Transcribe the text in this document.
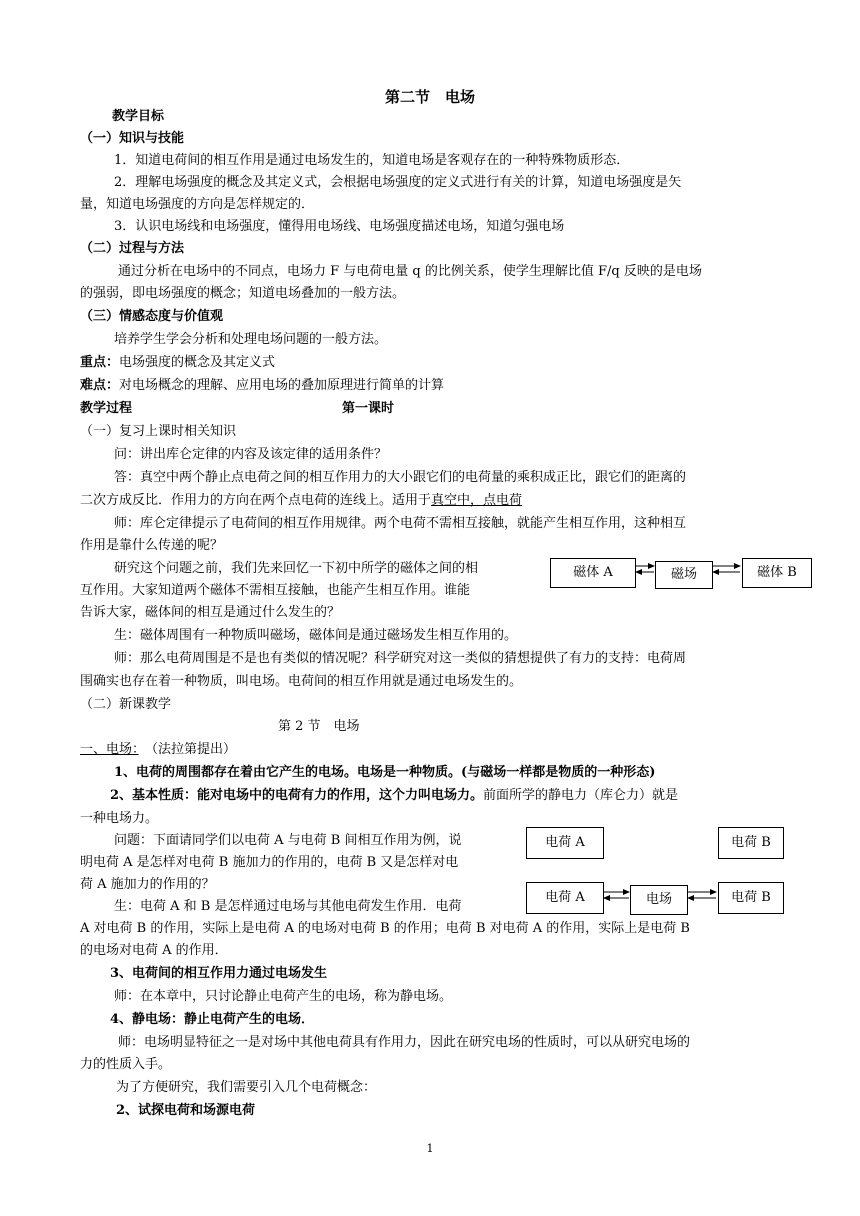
第二节　电场
教学目标
（一）知识与技能
1．知道电荷间的相互作用是通过电场发生的，知道电场是客观存在的一种特殊物质形态．
2．理解电场强度的概念及其定义式，会根据电场强度的定义式进行有关的计算，知道电场强度是矢
量，知道电场强度的方向是怎样规定的．
3．认识电场线和电场强度，懂得用电场线、电场强度描述电场，知道匀强电场
（二）过程与方法
通过分析在电场中的不同点，电场力 F 与电荷电量 q 的比例关系，使学生理解比值 F/q 反映的是电场
的强弱，即电场强度的概念；知道电场叠加的一般方法。
（三）情感态度与价值观
培养学生学会分析和处理电场问题的一般方法。
重点：电场强度的概念及其定义式
难点：对电场概念的理解、应用电场的叠加原理进行简单的计算
教学过程	第一课时
（一）复习上课时相关知识
问：讲出库仑定律的内容及该定律的适用条件？
答：真空中两个静止点电荷之间的相互作用力的大小跟它们的电荷量的乘积成正比，跟它们的距离的
二次方成反比．作用力的方向在两个点电荷的连线上。适用于真空中，点电荷
师：库仑定律提示了电荷间的相互作用规律。两个电荷不需相互接触，就能产生相互作用，这种相互
作用是靠什么传递的呢？
研究这个问题之前，我们先来回忆一下初中所学的磁体之间的相
互作用。大家知道两个磁体不需相互接触，也能产生相互作用。谁能
告诉大家，磁体间的相互是通过什么发生的？
生：磁体周围有一种物质叫磁场，磁体间是通过磁场发生相互作用的。
师：那么电荷周围是不是也有类似的情况呢？科学研究对这一类似的猜想提供了有力的支持：电荷周
围确实也存在着一种物质，叫电场。电荷间的相互作用就是通过电场发生的。
（二）新课教学
第 2 节　电场
一、电场：　 （法拉第提出）
1、电荷的周围都存在着由它产生的电场。电场是一种物质。(与磁场一样都是物质的一种形态)
2、基本性质：能对电场中的电荷有力的作用，这个力叫电场力。前面所学的静电力（库仑力）就是
一种电场力。
问题：下面请同学们以电荷 A 与电荷 B 间相互作用为例，说
明电荷 A 是怎样对电荷 B 施加力的作用的，电荷 B 又是怎样对电
荷 A 施加力的作用的？
生：电荷 A 和 B 是怎样通过电场与其他电荷发生作用．电荷
A 对电荷 B 的作用，实际上是电荷 A 的电场对电荷 B 的作用；电荷 B 对电荷 A 的作用，实际上是电荷 B
的电场对电荷 A 的作用．
3、电荷间的相互作用力通过电场发生
师：在本章中，只讨论静止电荷产生的电场，称为静电场。
4、静电场：静止电荷产生的电场．
师：电场明显特征之一是对场中其他电荷具有作用力，因此在研究电场的性质时，可以从研究电场的
力的性质入手。
为了方便研究，我们需要引入几个电荷概念：
2、试探电荷和场源电荷
磁体 A	磁场	磁体 B
电荷 A	电荷 B
电荷 A	电场	电荷 B
1
